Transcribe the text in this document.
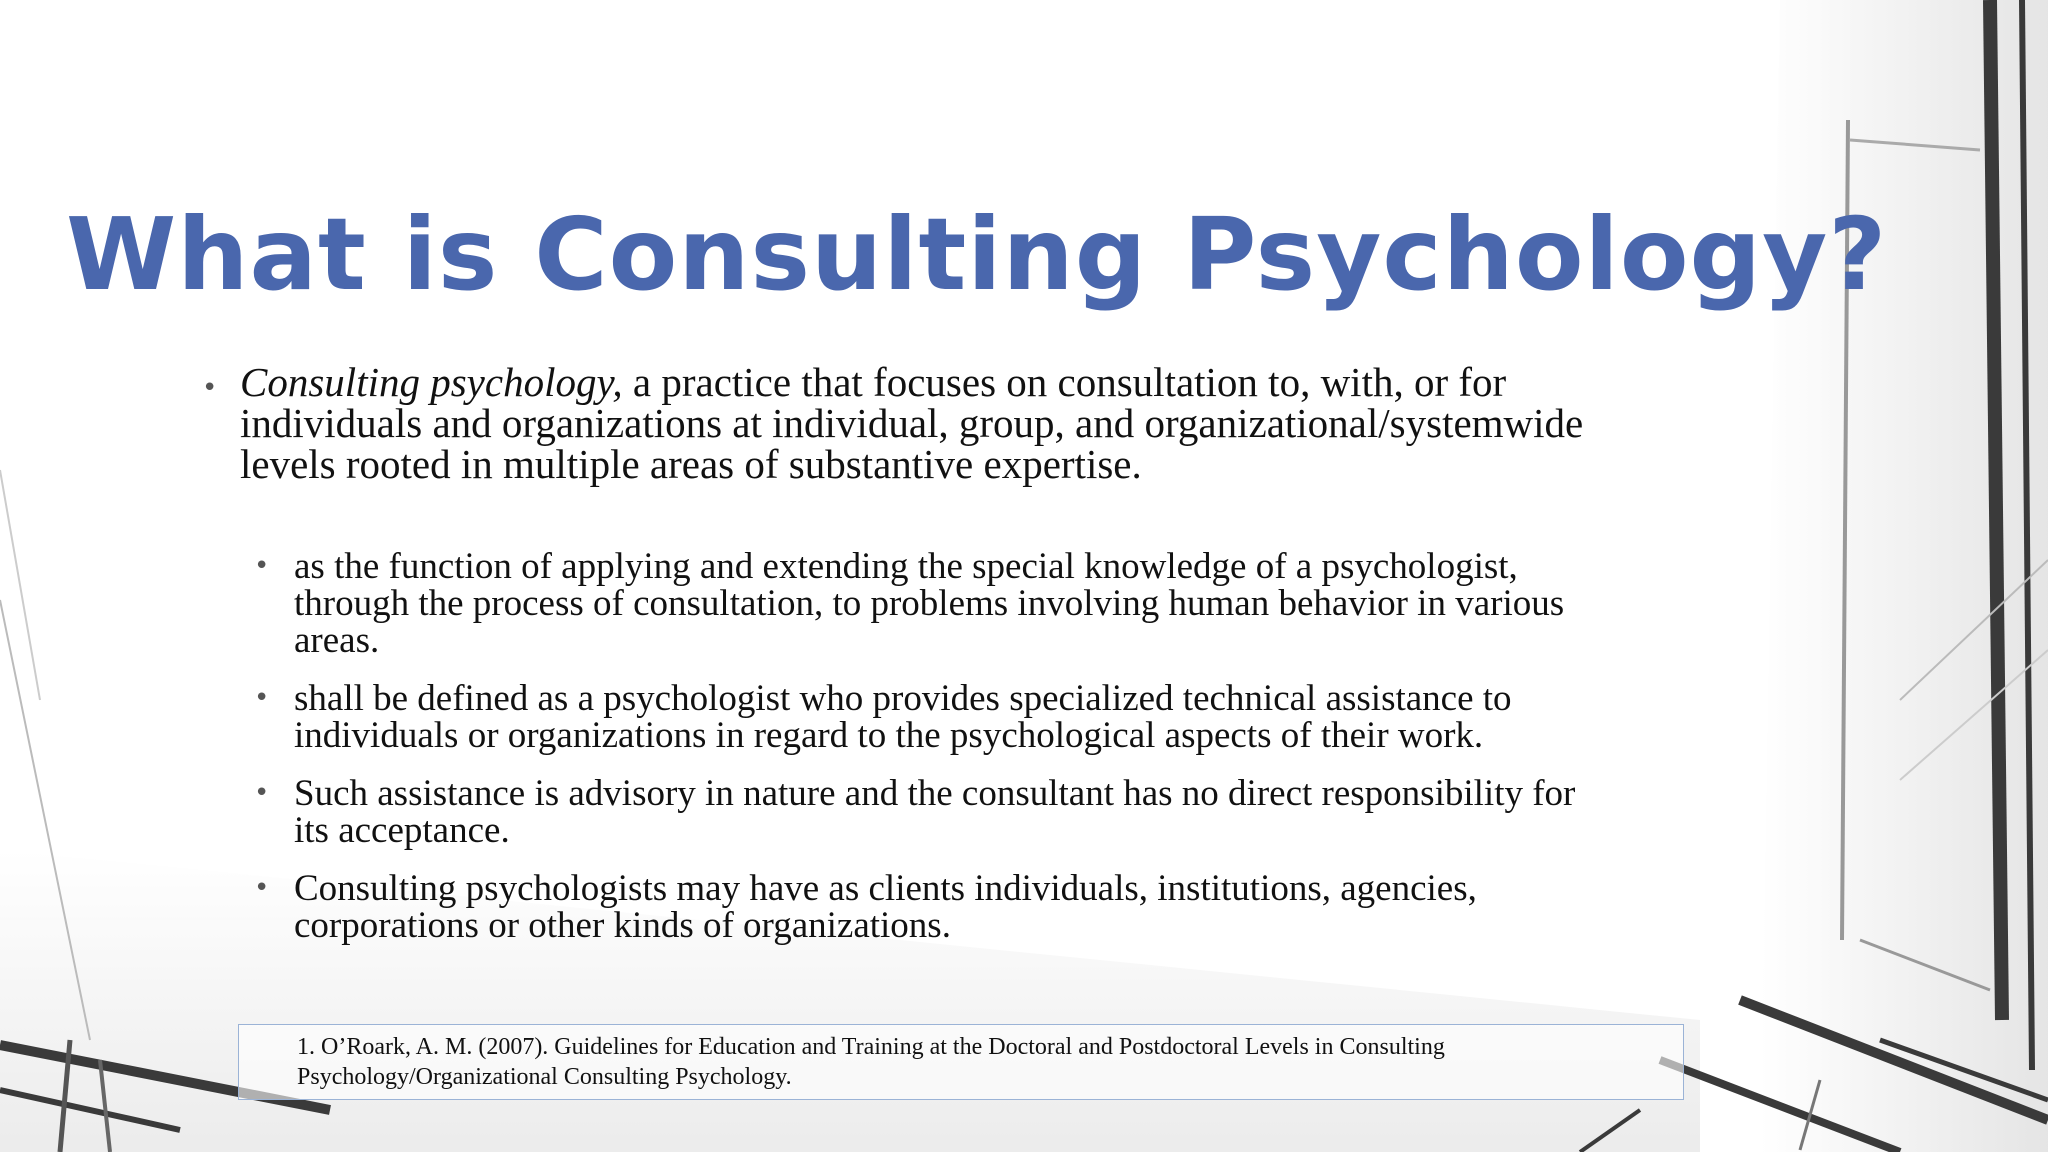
What is Consulting Psychology?
• Consulting psychology, a practice that focuses on consultation to, with, or for individuals and organizations at individual, group, and organizational/systemwide levels rooted in multiple areas of substantive expertise.
• as the function of applying and extending the special knowledge of a psychologist, through the process of consultation, to problems involving human behavior in various areas.
• shall be defined as a psychologist who provides specialized technical assistance to individuals or organizations in regard to the psychological aspects of their work.
• Such assistance is advisory in nature and the consultant has no direct responsibility for its acceptance.
• Consulting psychologists may have as clients individuals, institutions, agencies, corporations or other kinds of organizations.
1. O’Roark, A. M. (2007). Guidelines for Education and Training at the Doctoral and Postdoctoral Levels in Consulting Psychology/Organizational Consulting Psychology.
